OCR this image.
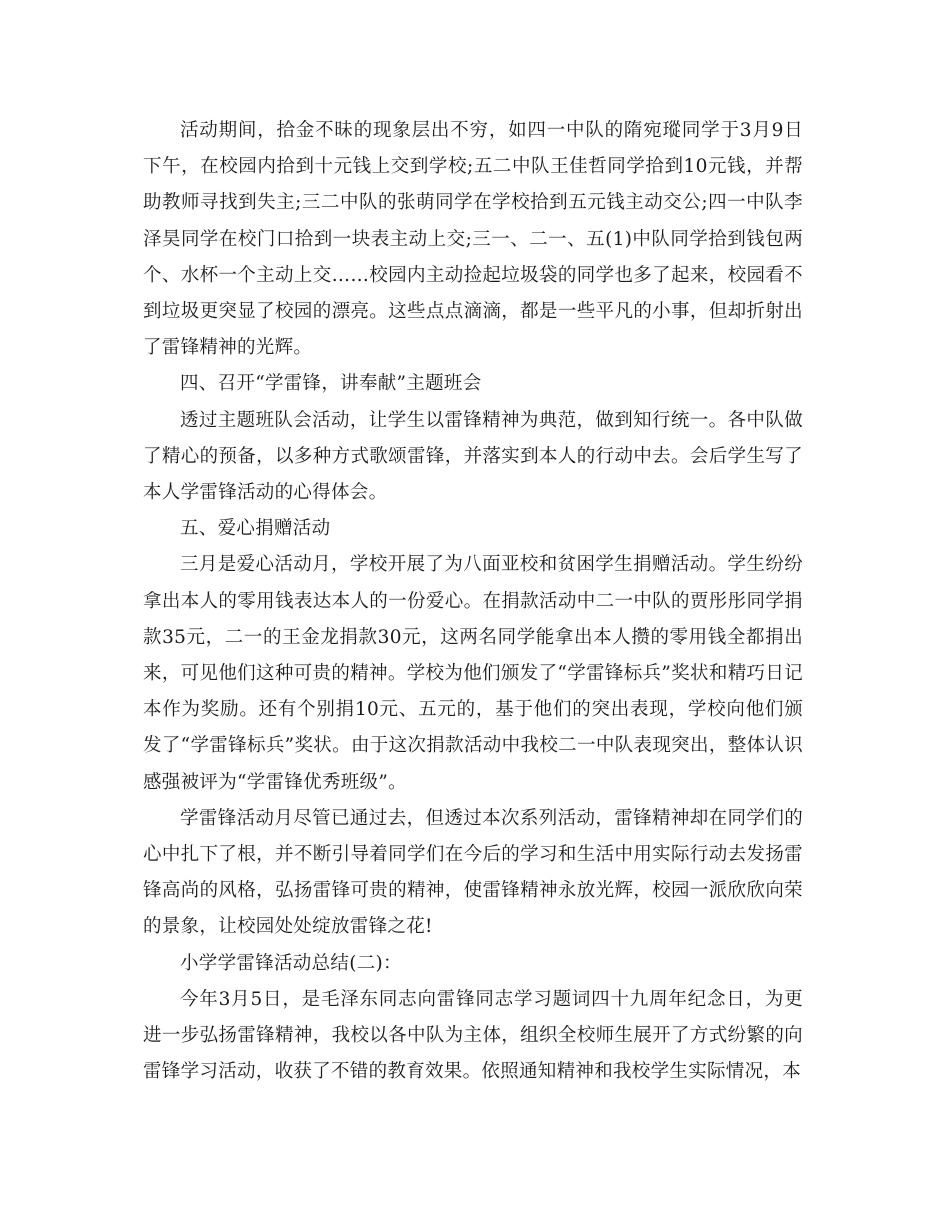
活动期间，拾金不昧的现象层出不穷，如四一中队的隋宛瑽同学于3月9日下午，在校园内拾到十元钱上交到学校;五二中队王佳哲同学拾到10元钱，并帮助教师寻找到失主;三二中队的张萌同学在学校拾到五元钱主动交公;四一中队李泽昊同学在校门口拾到一块表主动上交;三一、二一、五(1)中队同学拾到钱包两个、水杯一个主动上交……校园内主动捡起垃圾袋的同学也多了起来，校园看不到垃圾更突显了校园的漂亮。这些点点滴滴，都是一些平凡的小事，但却折射出了雷锋精神的光辉。

四、召开“学雷锋，讲奉献”主题班会

透过主题班队会活动，让学生以雷锋精神为典范，做到知行统一。各中队做了精心的预备，以多种方式歌颂雷锋，并落实到本人的行动中去。会后学生写了本人学雷锋活动的心得体会。

五、爱心捐赠活动

三月是爱心活动月，学校开展了为八面亚校和贫困学生捐赠活动。学生纷纷拿出本人的零用钱表达本人的一份爱心。在捐款活动中二一中队的贾彤彤同学捐款35元，二一的王金龙捐款30元，这两名同学能拿出本人攒的零用钱全都捐出来，可见他们这种可贵的精神。学校为他们颁发了“学雷锋标兵”奖状和精巧日记本作为奖励。还有个别捐10元、五元的，基于他们的突出表现，学校向他们颁发了“学雷锋标兵”奖状。由于这次捐款活动中我校二一中队表现突出，整体认识感强被评为“学雷锋优秀班级”。

学雷锋活动月尽管已通过去，但透过本次系列活动，雷锋精神却在同学们的心中扎下了根，并不断引导着同学们在今后的学习和生活中用实际行动去发扬雷锋高尚的风格，弘扬雷锋可贵的精神，使雷锋精神永放光辉，校园一派欣欣向荣的景象，让校园处处绽放雷锋之花!

小学学雷锋活动总结(二)：

今年3月5日，是毛泽东同志向雷锋同志学习题词四十九周年纪念日，为更进一步弘扬雷锋精神，我校以各中队为主体，组织全校师生展开了方式纷繁的向雷锋学习活动，收获了不错的教育效果。依照通知精神和我校学生实际情况，本
